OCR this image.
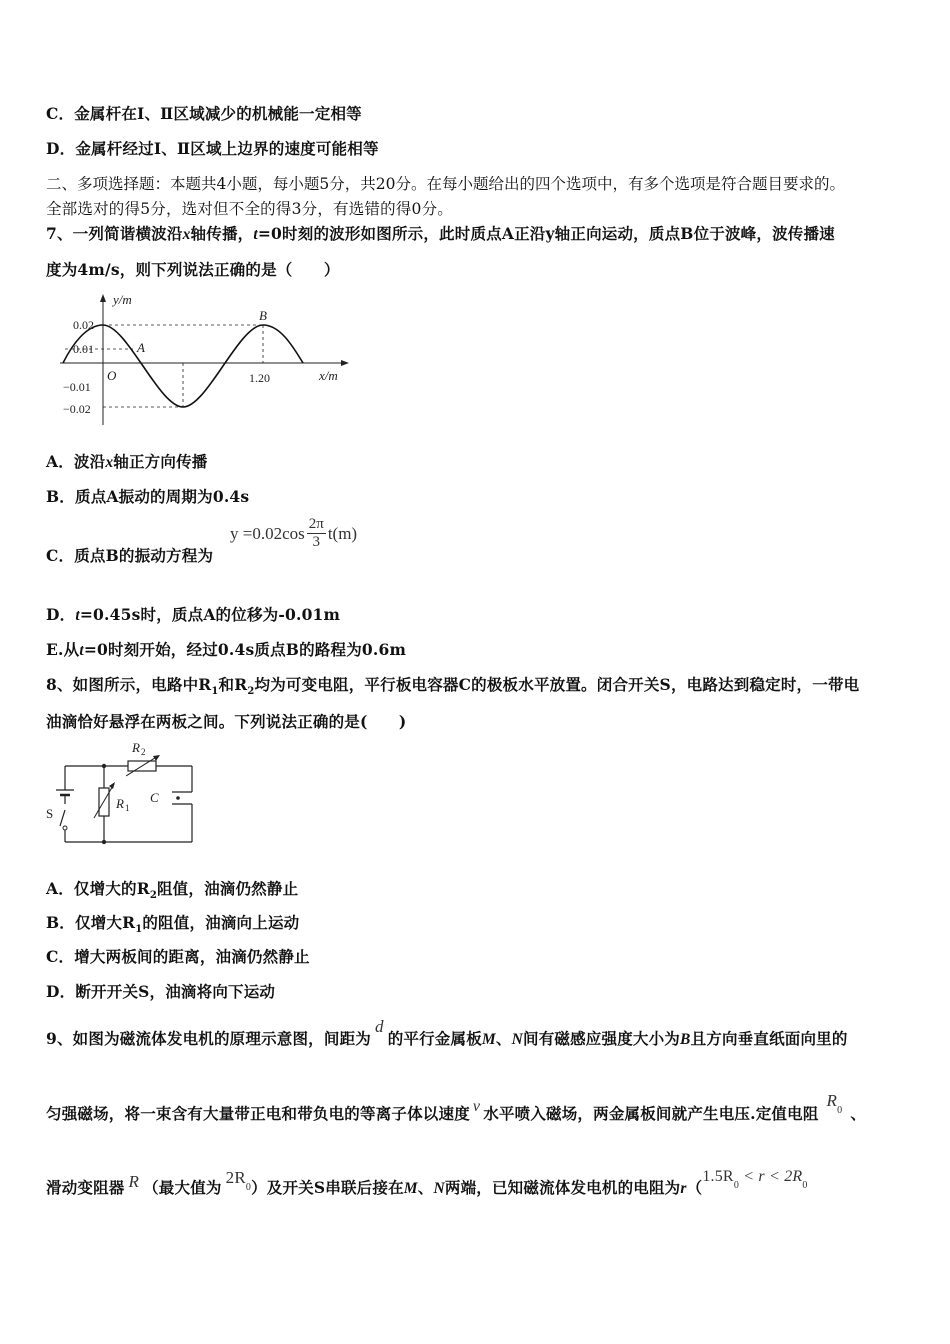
C．金属杆在Ⅰ、Ⅱ区域减少的机械能一定相等
D．金属杆经过Ⅰ、Ⅱ区域上边界的速度可能相等
二、多项选择题：本题共4小题，每小题5分，共20分。在每小题给出的四个选项中，有多个选项是符合题目要求的。
全部选对的得5分，选对但不全的得3分，有选错的得0分。
7、一列简谐横波沿x轴传播，t=0时刻的波形如图所示，此时质点A正沿y轴正向运动，质点B位于波峰，波传播速
度为4m/s，则下列说法正确的是（　　）
y/m
x/m
O
0.02
0.01
−0.01
−0.02
1.20
A
B
A．波沿x轴正方向传播
B．质点A振动的周期为0.4s
C．质点B的振动方程为
y =0.02cos 2π
3 t(m)
D．t=0.45s时，质点A的位移为-0.01m
E.从t=0时刻开始，经过0.4s质点B的路程为0.6m
8、如图所示，电路中$R_1$和$R_2$均为可变电阻，平行板电容器C的极板水平放置。闭合开关S，电路达到稳定时，一带电
油滴恰好悬浮在两板之间。下列说法正确的是(　　)
R 2
R 1
C
S
A．仅增大的$R_2$阻值，油滴仍然静止
B．仅增大$R_1$的阻值，油滴向上运动
C．增大两板间的距离，油滴仍然静止
D．断开开关S，油滴将向下运动
9、如图为磁流体发电机的原理示意图，间距为d的平行金属板M、N间有磁感应强度大小为B且方向垂直纸面向里的
匀强磁场，将一束含有大量带正电和带负电的等离子体以速度 v 水平喷入磁场，两金属板间就产生电压.定值电阻$R_0$ 、
滑动变阻器 R （最大值为$2R_0$）及开关S串联后接在M、N两端，已知磁流体发电机的电阻为$r(1.5R_0 < r < 2R_0$
